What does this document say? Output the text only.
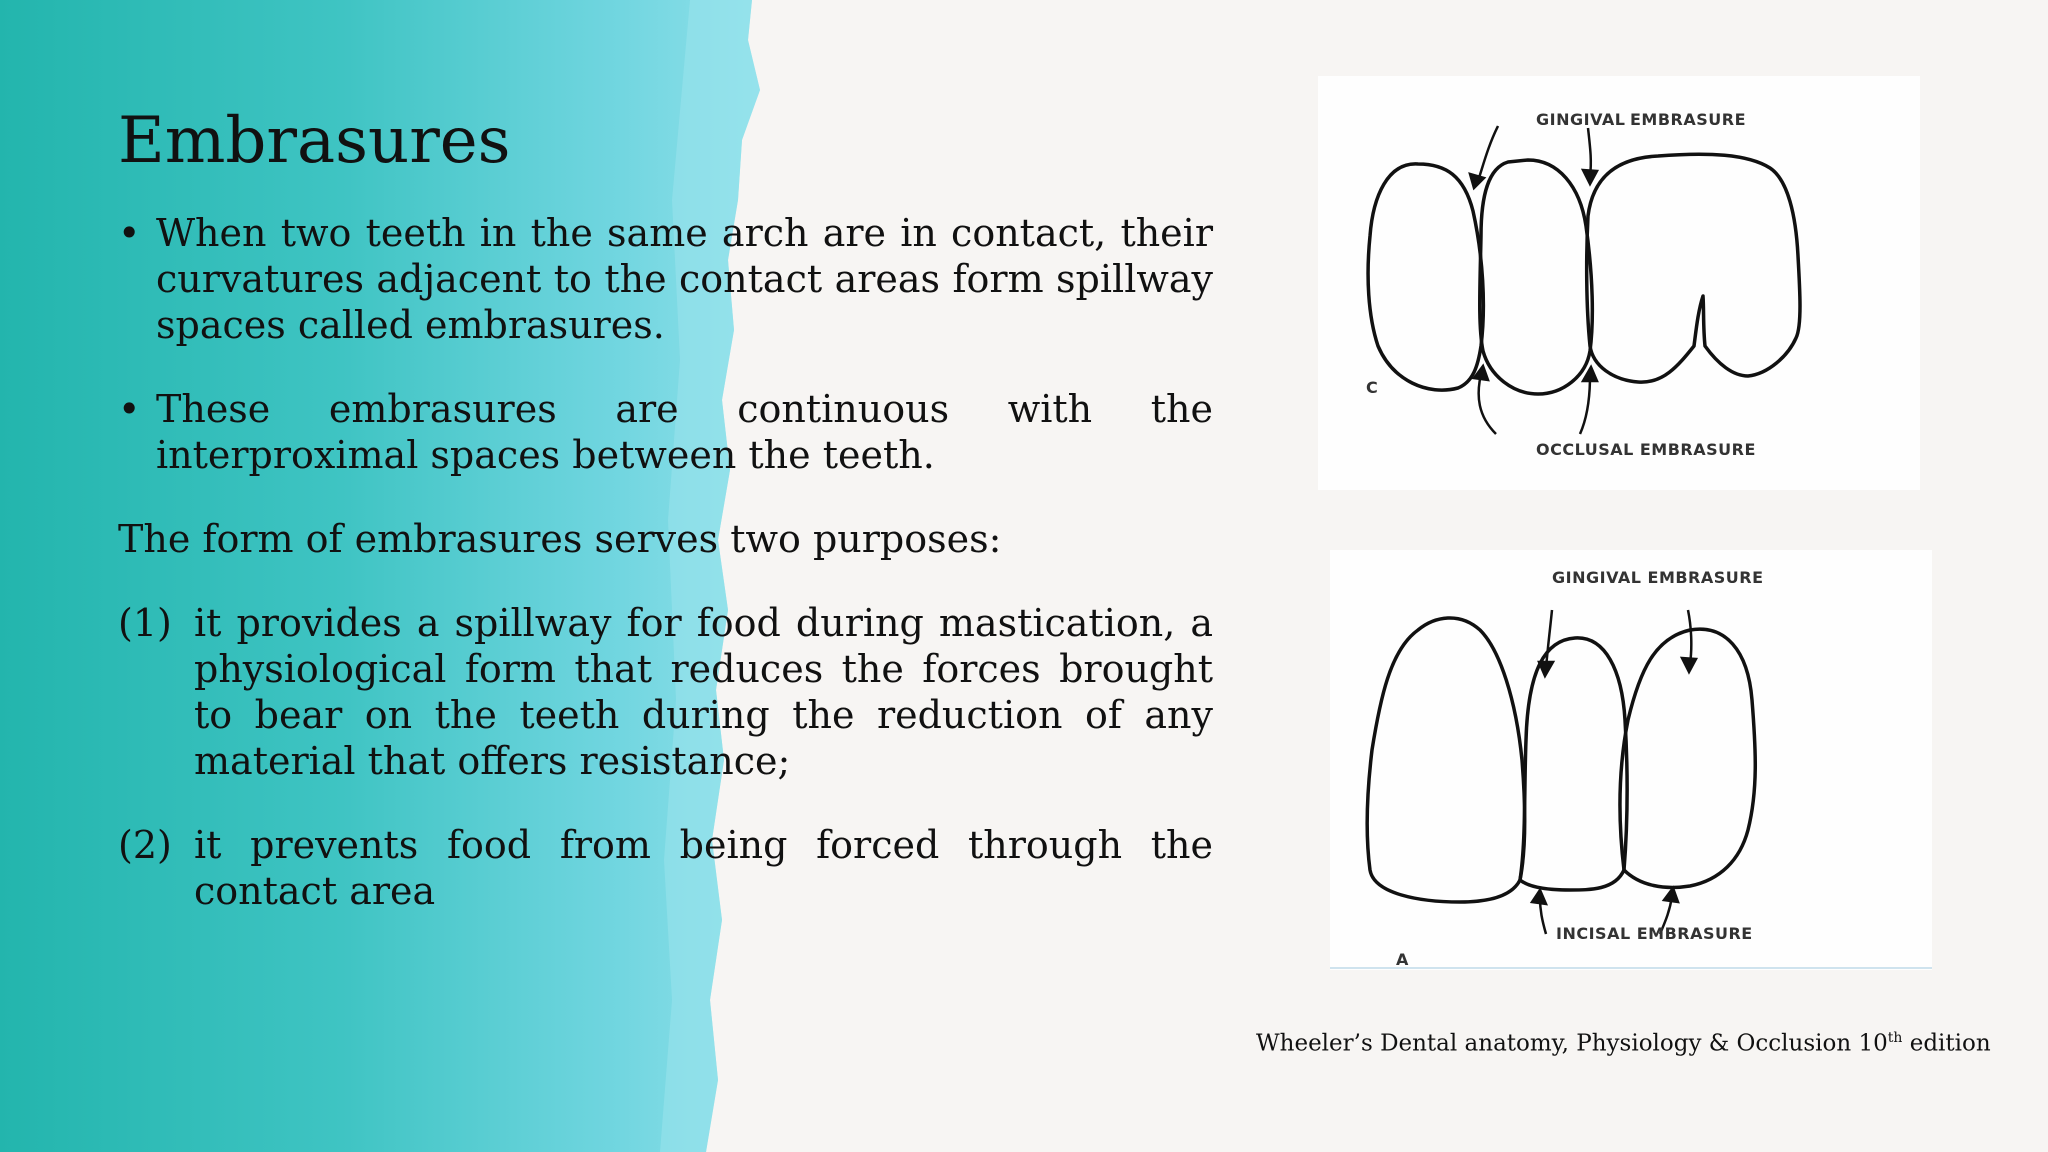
Embrasures
• When two teeth in the same arch are in contact, their curvatures adjacent to the contact areas form spillway spaces called embrasures.
• These embrasures are continuous with the interproximal spaces between the teeth.

The form of embrasures serves two purposes:

(1) it provides a spillway for food during mastication, a physiological form that reduces the forces brought to bear on the teeth during the reduction of any material that offers resistance;
(2) it prevents food from being forced through the contact area
GINGIVAL EMBRASURE
OCCLUSAL EMBRASURE
C
GINGIVAL EMBRASURE
INCISAL EMBRASURE
A
Wheeler’s Dental anatomy, Physiology & Occlusion 10th edition
